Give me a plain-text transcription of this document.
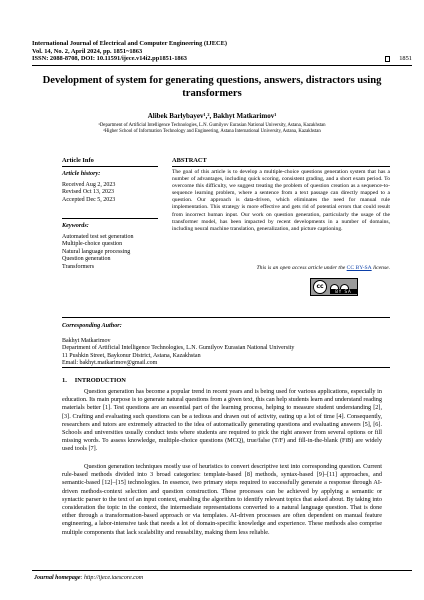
International Journal of Electrical and Computer Engineering (IJECE)
Vol. 14, No. 2, April 2024, pp. 1851~1863
ISSN: 2088-8708, DOI: 10.11591/ijece.v14i2.pp1851-1863	1851
Development of system for generating questions, answers, distractors using transformers
Alibek Barlybayev¹,², Bakhyt Matkarimov¹
¹Department of Artificial Intelligence Technologies, L.N. Gumilyov Eurasian National University, Astana, Kazakhstan
²Higher School of Information Technology and Engineering, Astana International University, Astana, Kazakhstan
Article Info	ABSTRACT
Article history:
Received Aug 2, 2023
Revised Oct 13, 2023
Accepted Dec 5, 2023
Keywords:
Automated test set generation
Multiple-choice question
Natural language processing
Question generation
Transformers
The goal of this article is to develop a multiple-choice questions generation system that has a number of advantages, including quick scoring, consistent grading, and a short exam period. To overcome this difficulty, we suggest treating the problem of question creation as a sequence-to-sequence learning problem, where a sentence from a text passage can directly mapped to a question. Our approach is data-driven, which eliminates the need for manual rule implementation. This strategy is more effective and gets rid of potential errors that could result from incorrect human input. Our work on question generation, particularly the usage of the transformer model, has been impacted by recent developments in a number of domains, including neural machine translation, generalization, and picture captioning.
This is an open access article under the CC BY-SA license.
cc
BY SA
Corresponding Author:
Bakhyt Matkarimov
Department of Artificial Intelligence Technologies, L.N. Gumilyov Eurasian National University
11 Pushkin Street, Baykonur District, Astana, Kazakhstan
Email: bakhyt.matkarimov@gmail.com
1.     INTRODUCTION
Question generation has become a popular trend in recent years and is being used for various applications, especially in education. Its main purpose is to generate natural questions from a given text, this can help students learn and understand reading materials better [1]. Test questions are an essential part of the learning process, helping to measure student understanding [2], [3]. Crafting and evaluating such questions can be a tedious and drawn out of activity, eating up a lot of time [4]. Consequently, researchers and tutors are extremely attracted to the idea of automatically generating questions and evaluating answers [5], [6]. Schools and universities usually conduct tests where students are required to pick the right answer from several options or fill missing words. To assess knowledge, multiple-choice questions (MCQ), true/false (T/F) and fill-in-the-blank (FiB) are widely used tools [7].
Question generation techniques mostly use of heuristics to convert descriptive text into corresponding question. Current rule-based methods divided into 3 broad categories: template-based [8] methods, syntax-based [9]–[11] approaches, and semantic-based [12]–[15] technologies. In essence, two primary steps required to successfully generate a response through AI-driven methods-context selection and question construction. These processes can be achieved by applying a semantic or syntactic parser to the text of an input context, enabling the algorithm to identify relevant topics that asked about. By taking into consideration the topic in the context, the intermediate representations converted to a natural language question. That is done either through a transformation-based approach or via templates. AI-driven processes are often dependent on manual feature engineering, a labor-intensive task that needs a lot of domain-specific knowledge and experience. These methods also comprise multiple components that lack scalability and reusability, making them less reliable.
Journal homepage: http://ijece.iaescore.com
